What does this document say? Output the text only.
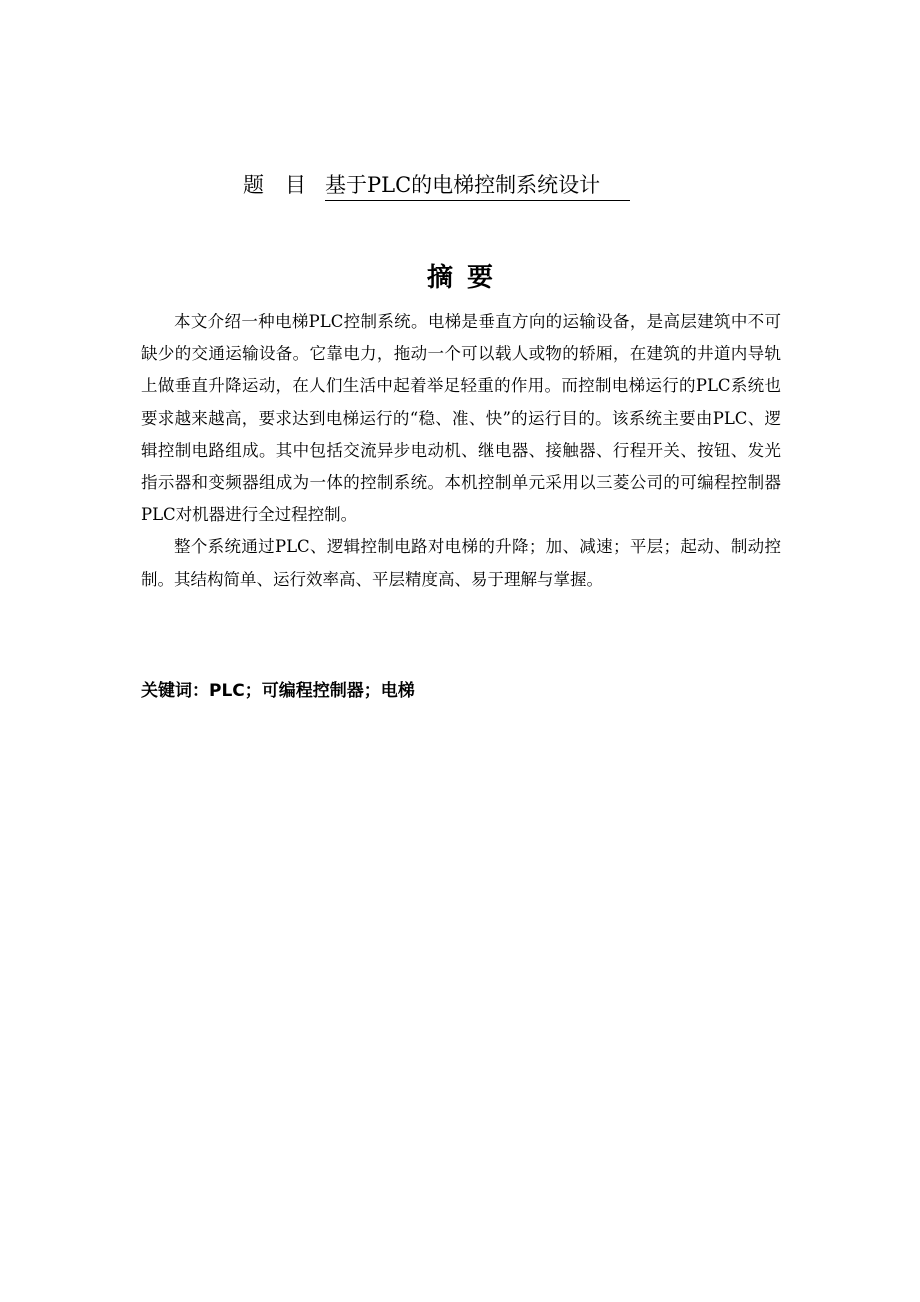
题　目 基于PLC的电梯控制系统设计
摘要

本文介绍一种电梯PLC控制系统。电梯是垂直方向的运输设备，是高层建筑中不可缺少的交通运输设备。它靠电力，拖动一个可以载人或物的轿厢，在建筑的井道内导轨上做垂直升降运动，在人们生活中起着举足轻重的作用。而控制电梯运行的PLC系统也要求越来越高，要求达到电梯运行的“稳、准、快”的运行目的。该系统主要由PLC、逻辑控制电路组成。其中包括交流异步电动机、继电器、接触器、行程开关、按钮、发光指示器和变频器组成为一体的控制系统。本机控制单元采用以三菱公司的可编程控制器PLC对机器进行全过程控制。

整个系统通过PLC、逻辑控制电路对电梯的升降；加、减速；平层；起动、制动控制。其结构简单、运行效率高、平层精度高、易于理解与掌握。

关键词：PLC；可编程控制器；电梯
